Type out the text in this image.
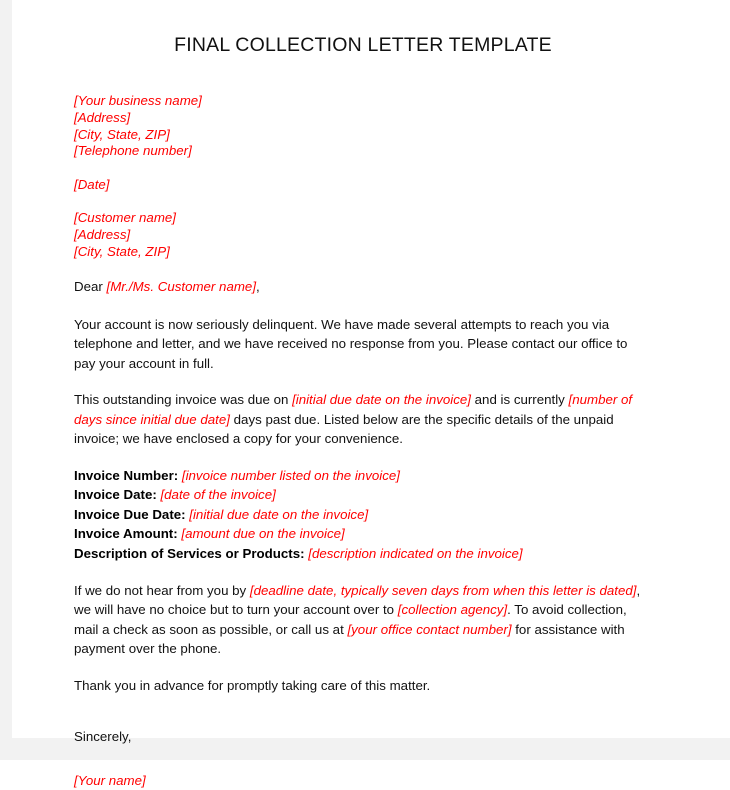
FINAL COLLECTION LETTER TEMPLATE
[Your business name]
[Address]
[City, State, ZIP]
[Telephone number]
[Date]
[Customer name]
[Address]
[City, State, ZIP]
Dear [Mr./Ms. Customer name],
Your account is now seriously delinquent. We have made several attempts to reach you via telephone and letter, and we have received no response from you. Please contact our office to pay your account in full.
This outstanding invoice was due on [initial due date on the invoice] and is currently [number of days since initial due date] days past due. Listed below are the specific details of the unpaid invoice; we have enclosed a copy for your convenience.
Invoice Number: [invoice number listed on the invoice]
Invoice Date: [date of the invoice]
Invoice Due Date: [initial due date on the invoice]
Invoice Amount: [amount due on the invoice]
Description of Services or Products: [description indicated on the invoice]
If we do not hear from you by [deadline date, typically seven days from when this letter is dated], we will have no choice but to turn your account over to [collection agency]. To avoid collection, mail a check as soon as possible, or call us at [your office contact number] for assistance with payment over the phone.
Thank you in advance for promptly taking care of this matter.
Sincerely,
[Your name]
